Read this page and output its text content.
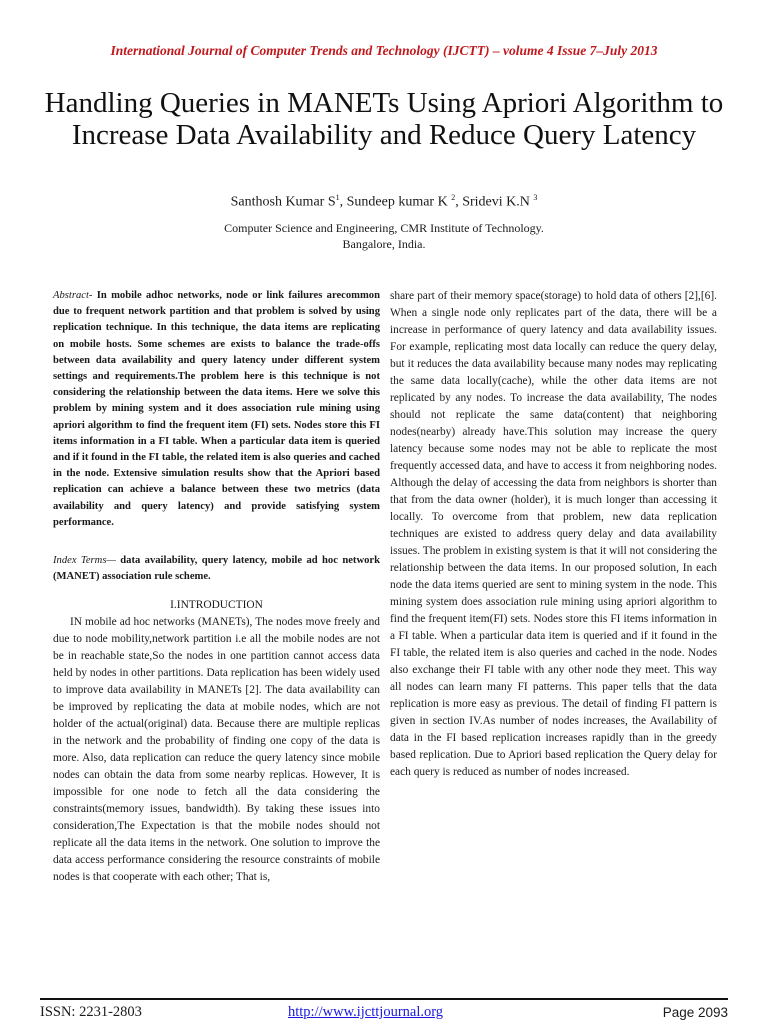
International Journal of Computer Trends and Technology (IJCTT) – volume 4 Issue 7–July 2013
Handling Queries in MANETs Using Apriori Algorithm to Increase Data Availability and Reduce Query Latency
Santhosh Kumar $S^1$, Sundeep kumar K $^2$, Sridevi K.N $^3$
Computer Science and Engineering, CMR Institute of Technology.
Bangalore, India.
Abstract- In mobile adhoc networks, node or link failures arecommon due to frequent network partition and that problem is solved by using replication technique. In this technique, the data items are replicating on mobile hosts. Some schemes are exists to balance the trade-offs between data availability and query latency under different system settings and requirements.The problem here is this technique is not considering the relationship between the data items. Here we solve this problem by mining system and it does association rule mining using apriori algorithm to find the frequent item (FI) sets. Nodes store this FI items information in a FI table. When a particular data item is queried and if it found in the FI table, the related item is also queries and cached in the node. Extensive simulation results show that the Apriori based replication can achieve a balance between these two metrics (data availability and query latency) and provide satisfying system performance.
Index Terms— data availability, query latency, mobile ad hoc network (MANET) association rule scheme.
I.INTRODUCTION
IN mobile ad hoc networks (MANETs), The nodes move freely and due to node mobility,network partition i.e all the mobile nodes are not be in reachable state,So the nodes in one partition cannot access data held by nodes in other partitions. Data replication has been widely used to improve data availability in MANETs [2]. The data availability can be improved by replicating the data at mobile nodes, which are not holder of the actual(original) data. Because there are multiple replicas in the network and the probability of finding one copy of the data is more. Also, data replication can reduce the query latency since mobile nodes can obtain the data from some nearby replicas. However, It is impossible for one node to fetch all the data considering the constraints(memory issues, bandwidth). By taking these issues into consideration,The Expectation is that the mobile nodes should not replicate all the data items in the network. One solution to improve the data access performance considering the resource constraints of mobile nodes is that cooperate with each other; That is,
share part of their memory space(storage) to hold data of others [2],[6]. When a single node only replicates part of the data, there will be a increase in performance of query latency and data availability issues. For example, replicating most data locally can reduce the query delay, but it reduces the data availability because many nodes may replicating the same data locally(cache), while the other data items are not replicated by any nodes. To increase the data availability, The nodes should not replicate the same data(content) that neighboring nodes(nearby) already have.This solution may increase the query latency because some nodes may not be able to replicate the most frequently accessed data, and have to access it from neighboring nodes. Although the delay of accessing the data from neighbors is shorter than that from the data owner (holder), it is much longer than accessing it locally. To overcome from that problem, new data replication techniques are existed to address query delay and data availability issues. The problem in existing system is that it will not considering the relationship between the data items. In our proposed solution, In each node the data items queried are sent to mining system in the node. This mining system does association rule mining using apriori algorithm to find the frequent item(FI) sets. Nodes store this FI items information in a FI table. When a particular data item is queried and if it found in the FI table, the related item is also queries and cached in the node. Nodes also exchange their FI table with any other node they meet. This way all nodes can learn many FI patterns. This paper tells that the data replication is more easy as previous. The detail of finding FI pattern is given in section IV.As number of nodes increases, the Availability of data in the FI based replication increases rapidly than in the greedy based replication. Due to Apriori based replication the Query delay for each query is reduced as number of nodes increased.
ISSN: 2231-2803	http://www.ijcttjournal.org	Page 2093
